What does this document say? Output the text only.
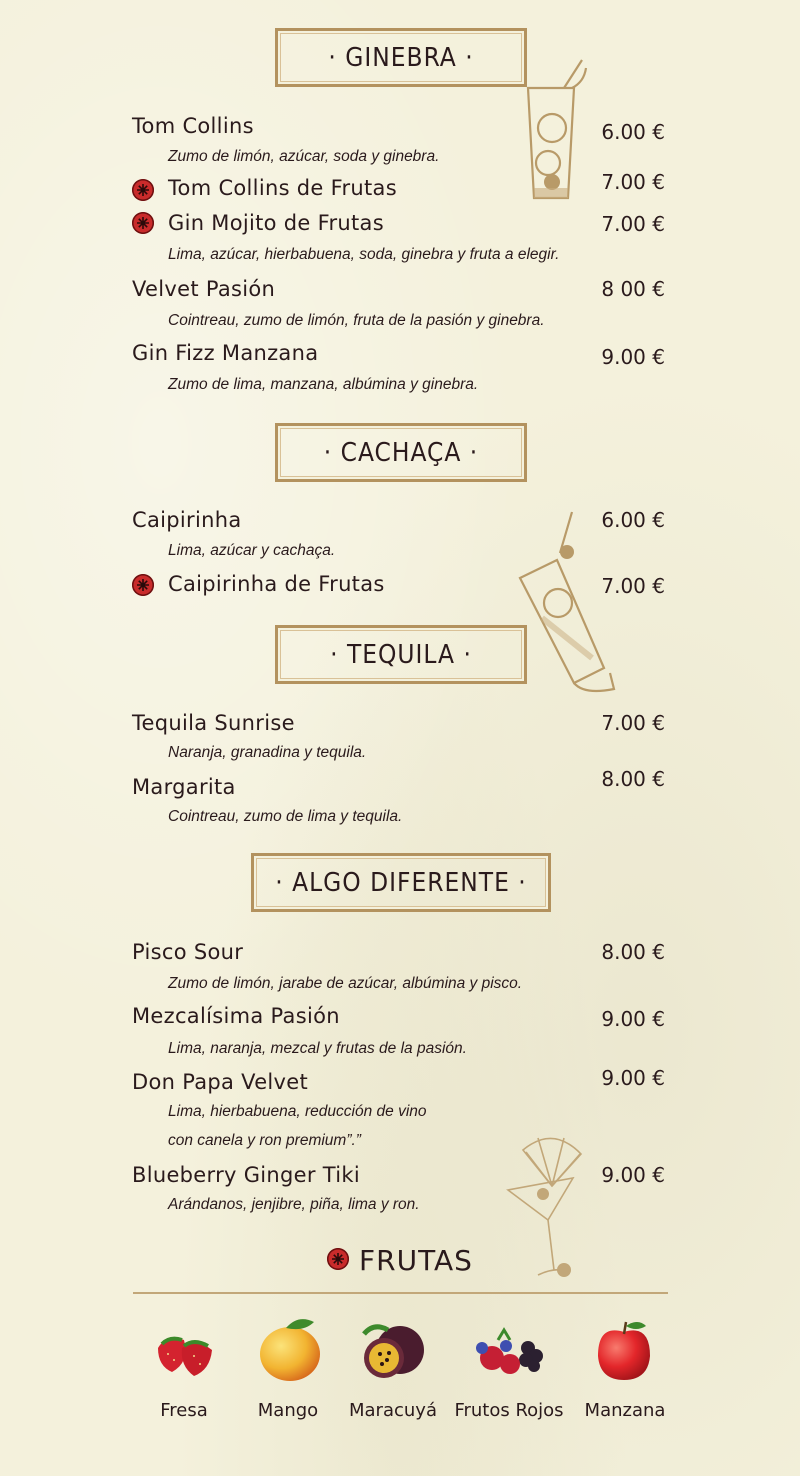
· GINEBRA ·
Tom Collins	6.00 €
Zumo de limón, azúcar, soda y ginebra.
Tom Collins de Frutas	7.00 €
Gin Mojito de Frutas	7.00 €
Lima, azúcar, hierbabuena, soda, ginebra y fruta a elegir.
Velvet Pasión	8 00 €
Cointreau, zumo de limón, fruta de la pasión y ginebra.
Gin Fizz Manzana	9.00 €
Zumo de lima, manzana, albúmina y ginebra.
· CACHAÇA ·
Caipirinha	6.00 €
Lima, azúcar y cachaça.
Caipirinha de Frutas	7.00 €
· TEQUILA ·
Tequila Sunrise	7.00 €
Naranja, granadina y tequila.
Margarita	8.00 €
Cointreau, zumo de lima y tequila.
· ALGO DIFERENTE ·
Pisco Sour	8.00 €
Zumo de limón, jarabe de azúcar, albúmina y pisco.
Mezcalísima Pasión	9.00 €
Lima, naranja, mezcal y frutas de la pasión.
Don Papa Velvet	9.00 €
Lima, hierbabuena, reducción de vino
con canela y ron premium”.”
Blueberry Ginger Tiki	9.00 €
Arándanos, jenjibre, piña, lima y ron.
FRUTAS
Fresa	Mango	Maracuyá Frutos Rojos	Manzana
